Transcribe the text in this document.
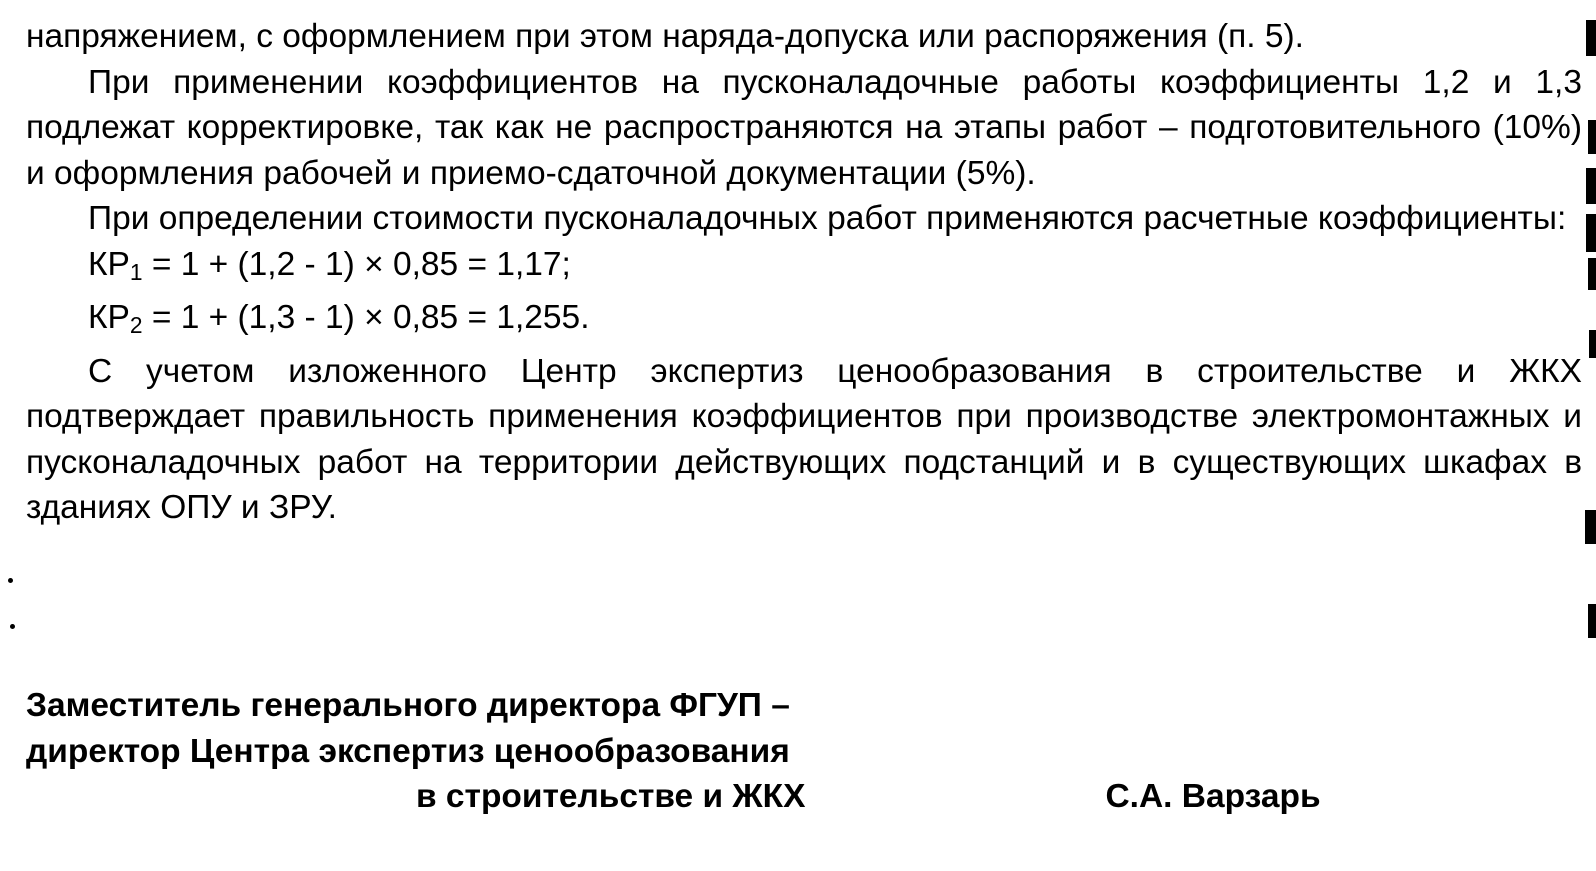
напряжением, с оформлением при этом наряда-допуска или распоряжения (п. 5).

При применении коэффициентов на пусконаладочные работы коэффициенты 1,2 и 1,3 подлежат корректировке, так как не распространяются на этапы работ – подготовительного (10%) и оформления рабочей и приемо-сдаточной документации (5%).

При определении стоимости пусконаладочных работ применяются расчетные коэффициенты:

$КР_1 = 1 + (1,2 - 1) \times 0,85 = 1,17$;

$КР_2 = 1 + (1,3 - 1) \times 0,85 = 1,255$.

С учетом изложенного Центр экспертиз ценообразования в строительстве и ЖКХ подтверждает правильность применения коэффициентов при производстве электромонтажных и пусконаладочных работ на территории действующих подстанций и в существующих шкафах в зданиях ОПУ и ЗРУ.

Заместитель генерального директора ФГУП –
директор Центра экспертиз ценообразования
в строительстве и ЖКХ	С.А. Варзарь
